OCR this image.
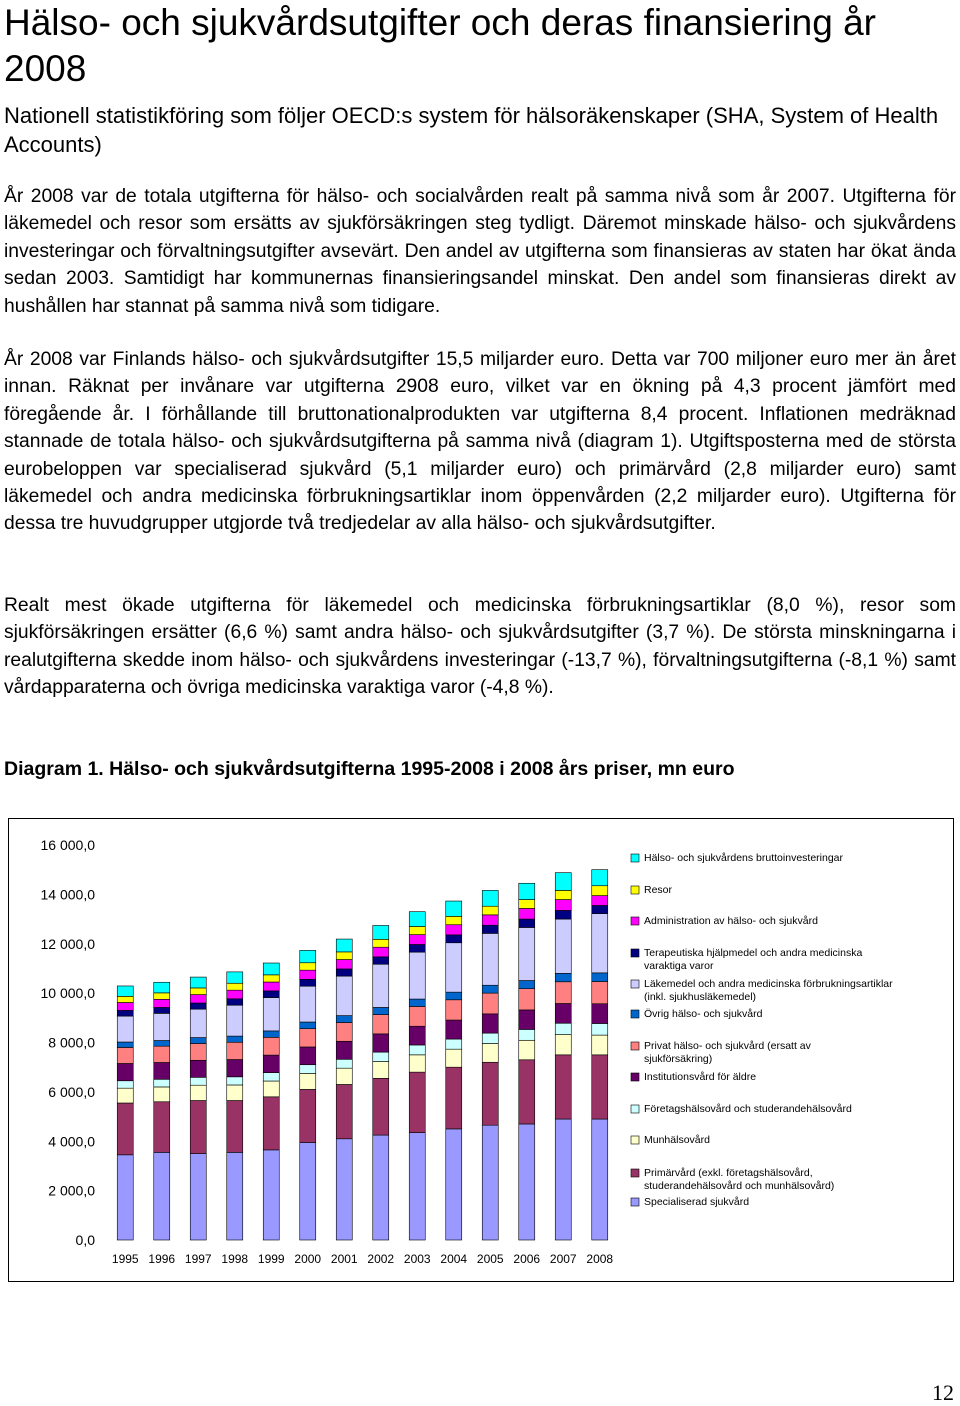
Hälso- och sjukvårdsutgifter och deras finansiering år 2008

Nationell statistikföring som följer OECD:s system för hälsoräkenskaper (SHA, System of Health Accounts)

År 2008 var de totala utgifterna för hälso- och socialvården realt på samma nivå som år 2007. Utgifterna för läkemedel och resor som ersätts av sjukförsäkringen steg tydligt. Däremot minskade hälso- och sjukvårdens investeringar och förvaltningsutgifter avsevärt. Den andel av utgifterna som finansieras av staten har ökat ända sedan 2003. Samtidigt har kommunernas finansieringsandel minskat. Den andel som finansieras direkt av hushållen har stannat på samma nivå som tidigare.

År 2008 var Finlands hälso- och sjukvårdsutgifter 15,5 miljarder euro. Detta var 700 miljoner euro mer än året innan. Räknat per invånare var utgifterna 2908 euro, vilket var en ökning på 4,3 procent jämfört med föregående år. I förhållande till bruttonationalprodukten var utgifterna 8,4 procent. Inflationen medräknad stannade de totala hälso- och sjukvårdsutgifterna på samma nivå (diagram 1). Utgiftsposterna med de största eurobeloppen var specialiserad sjukvård (5,1 miljarder euro) och primärvård (2,8 miljarder euro) samt läkemedel och andra medicinska förbrukningsartiklar inom öppenvården (2,2 miljarder euro). Utgifterna för dessa tre huvudgrupper utgjorde två tredjedelar av alla hälso- och sjukvårdsutgifter.

Realt mest ökade utgifterna för läkemedel och medicinska förbrukningsartiklar (8,0 %), resor som sjukförsäkringen ersätter (6,6 %) samt andra hälso- och sjukvårdsutgifter (3,7 %). De största minskningarna i realutgifterna skedde inom hälso- och sjukvårdens investeringar (-13,7 %), förvaltningsutgifterna (-8,1 %) samt vårdapparaterna och övriga medicinska varaktiga varor (-4,8 %).

Diagram 1. Hälso- och sjukvårdsutgifterna 1995-2008 i 2008 års priser, mn euro

0,0
2 000,0
4 000,0
6 000,0
8 000,0
10 000,0
12 000,0
14 000,0
16 000,0
1995 1996 1997 1998 1999 2000 2001 2002 2003 2004 2005 2006 2007 2008
Hälso- och sjukvårdens bruttoinvesteringar
Resor
Administration av hälso- och sjukvård
Terapeutiska hjälpmedel och andra medicinska varaktiga varor
Läkemedel och andra medicinska förbrukningsartiklar (inkl. sjukhusläkemedel)
Övrig hälso- och sjukvård
Privat hälso- och sjukvård (ersatt av sjukförsäkring)
Institutionsvård för äldre
Företagshälsovård och studerandehälsovård
Munhälsovård
Primärvård (exkl. företagshälsovård, studerandehälsovård och munhälsovård)
Specialiserad sjukvård
12
